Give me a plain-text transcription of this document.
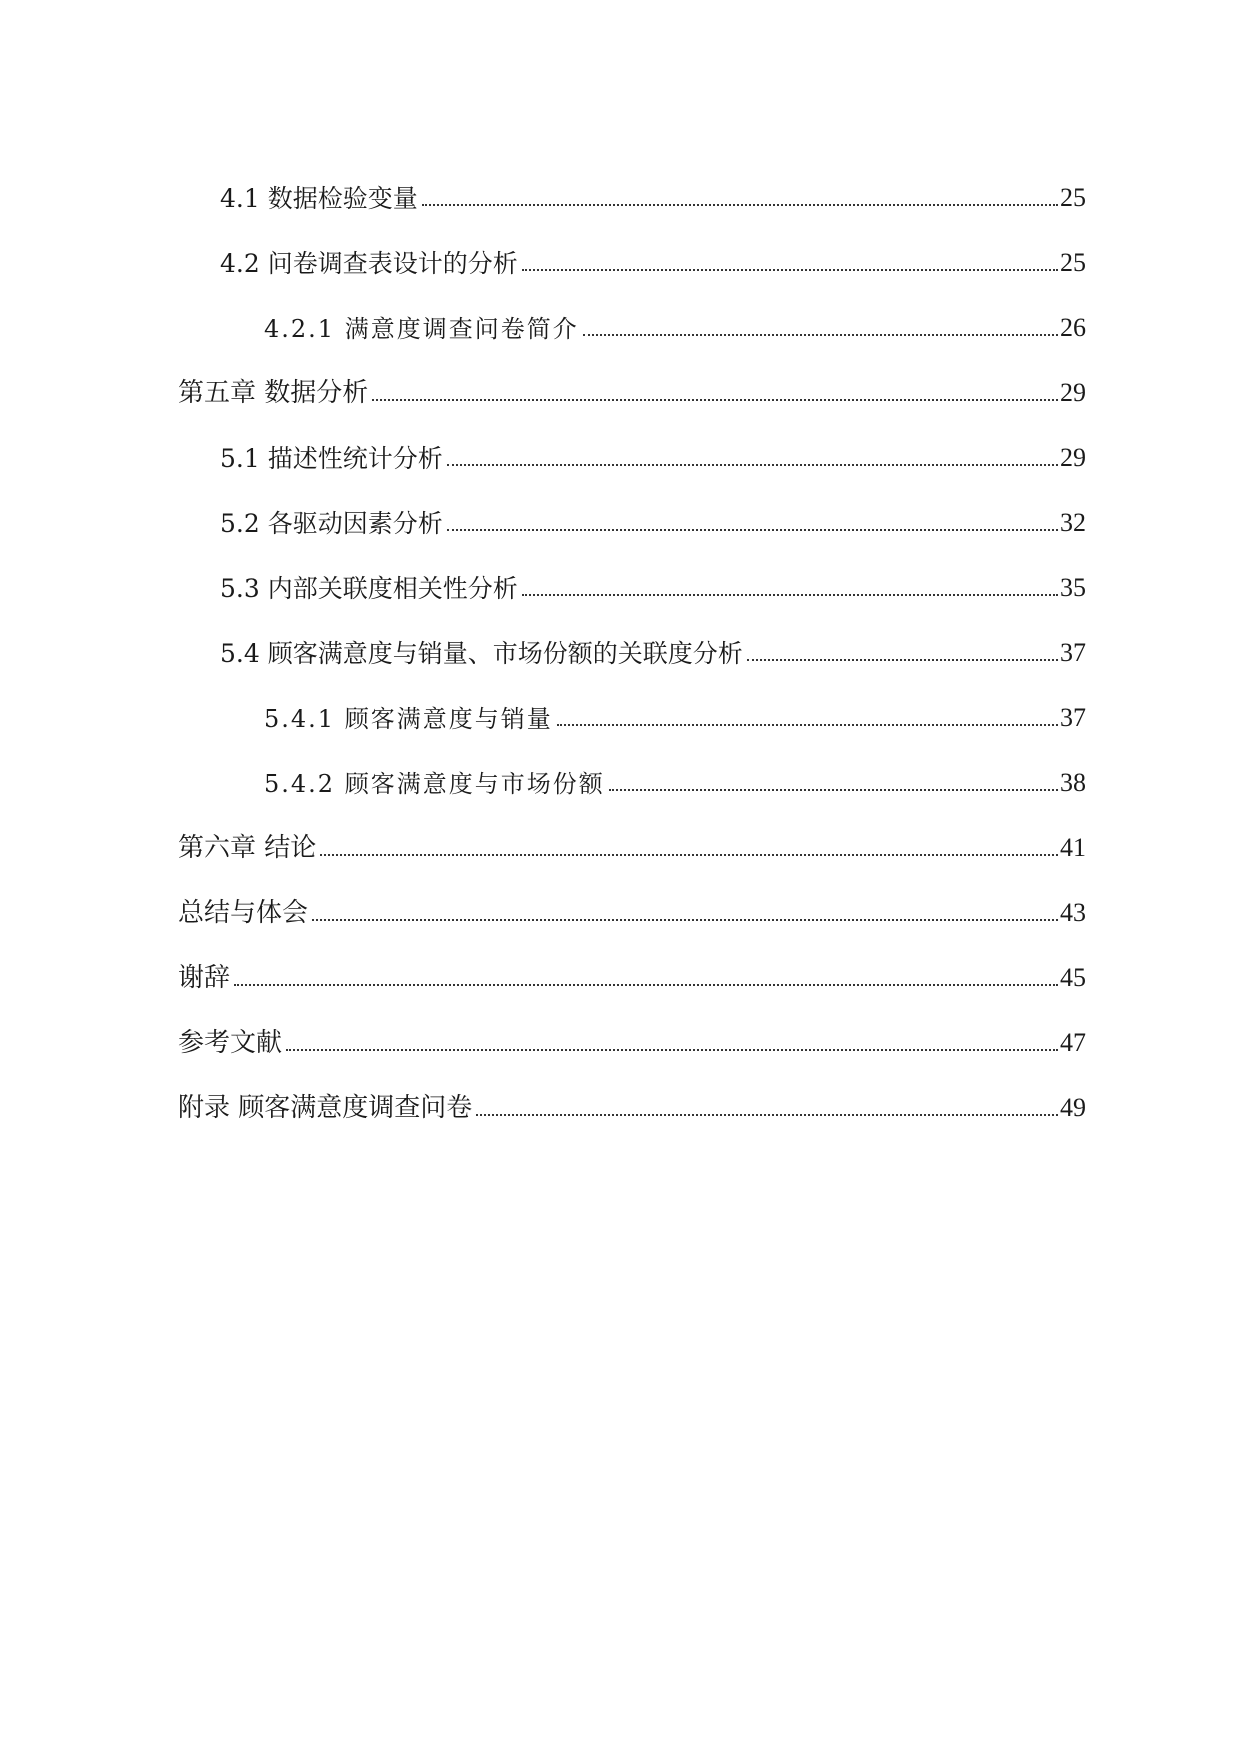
4.1 数据检验变量	25
4.2 问卷调查表设计的分析	25
4.2.1 满意度调查问卷简介	26
第五章 数据分析	29
5.1 描述性统计分析	29
5.2 各驱动因素分析	32
5.3 内部关联度相关性分析	35
5.4 顾客满意度与销量、市场份额的关联度分析	37
5.4.1 顾客满意度与销量	37
5.4.2 顾客满意度与市场份额	38
第六章 结论	41
总结与体会	43
谢辞	45
参考文献	47
附录 顾客满意度调查问卷	49
